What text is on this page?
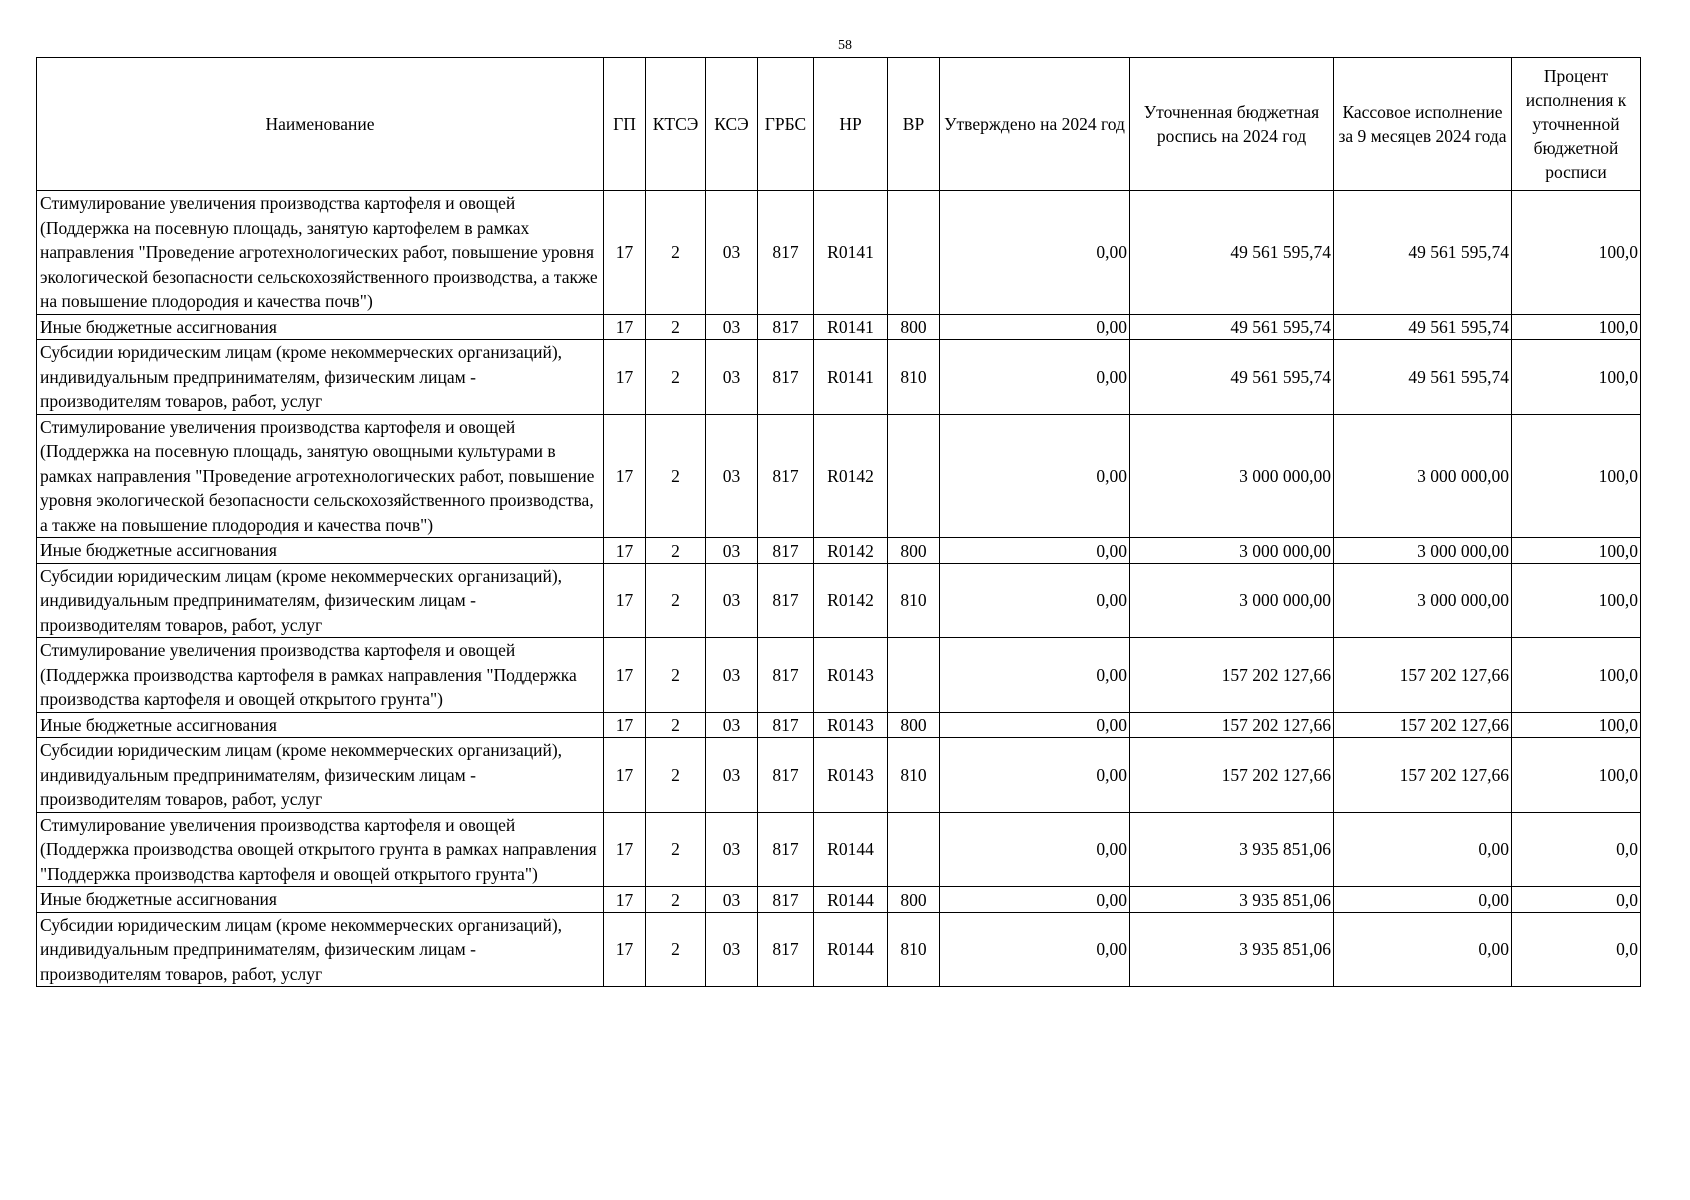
58
Наименование	ГП	КТСЭ	КСЭ	ГРБС	НР	ВР	Утверждено на 2024 год	Уточненная бюджетная роспись на 2024 год	Кассовое исполнение за 9 месяцев 2024 года	Процент исполнения к уточненной бюджетной росписи
Стимулирование увеличения производства картофеля и овощей (Поддержка на посевную площадь, занятую картофелем в рамках направления "Проведение агротехнологических работ, повышение уровня экологической безопасности сельскохозяйственного производства, а также на повышение плодородия и качества почв")	17	2	03	817	R0141		0,00	49 561 595,74	49 561 595,74	100,0
Иные бюджетные ассигнования	17	2	03	817	R0141	800	0,00	49 561 595,74	49 561 595,74	100,0
Субсидии юридическим лицам (кроме некоммерческих организаций), индивидуальным предпринимателям, физическим лицам - производителям товаров, работ, услуг	17	2	03	817	R0141	810	0,00	49 561 595,74	49 561 595,74	100,0
Стимулирование увеличения производства картофеля и овощей (Поддержка на посевную площадь, занятую овощными культурами в рамках направления "Проведение агротехнологических работ, повышение уровня экологической безопасности сельскохозяйственного производства, а также на повышение плодородия и качества почв")	17	2	03	817	R0142		0,00	3 000 000,00	3 000 000,00	100,0
Иные бюджетные ассигнования	17	2	03	817	R0142	800	0,00	3 000 000,00	3 000 000,00	100,0
Субсидии юридическим лицам (кроме некоммерческих организаций), индивидуальным предпринимателям, физическим лицам - производителям товаров, работ, услуг	17	2	03	817	R0142	810	0,00	3 000 000,00	3 000 000,00	100,0
Стимулирование увеличения производства картофеля и овощей (Поддержка производства картофеля в рамках направления "Поддержка производства картофеля и овощей открытого грунта")	17	2	03	817	R0143		0,00	157 202 127,66	157 202 127,66	100,0
Иные бюджетные ассигнования	17	2	03	817	R0143	800	0,00	157 202 127,66	157 202 127,66	100,0
Субсидии юридическим лицам (кроме некоммерческих организаций), индивидуальным предпринимателям, физическим лицам - производителям товаров, работ, услуг	17	2	03	817	R0143	810	0,00	157 202 127,66	157 202 127,66	100,0
Стимулирование увеличения производства картофеля и овощей (Поддержка производства овощей открытого грунта в рамках направления "Поддержка производства картофеля и овощей открытого грунта")	17	2	03	817	R0144		0,00	3 935 851,06	0,00	0,0
Иные бюджетные ассигнования	17	2	03	817	R0144	800	0,00	3 935 851,06	0,00	0,0
Субсидии юридическим лицам (кроме некоммерческих организаций), индивидуальным предпринимателям, физическим лицам - производителям товаров, работ, услуг	17	2	03	817	R0144	810	0,00	3 935 851,06	0,00	0,0
